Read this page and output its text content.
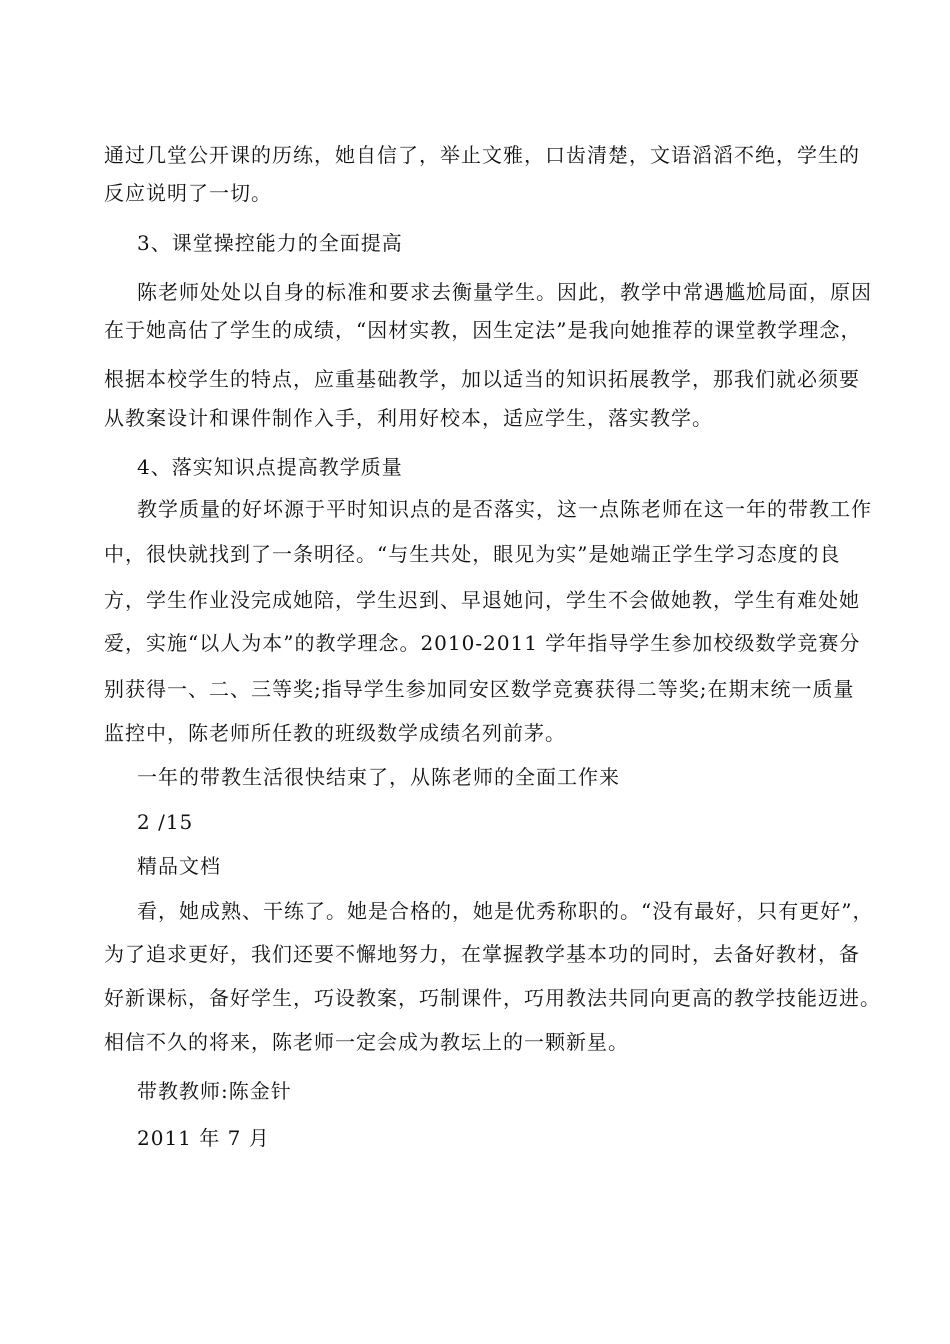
通过几堂公开课的历练，她自信了，举止文雅，口齿清楚，文语滔滔不绝，学生的
反应说明了一切。
3、课堂操控能力的全面提高
陈老师处处以自身的标准和要求去衡量学生。因此，教学中常遇尴尬局面，原因
在于她高估了学生的成绩，“因材实教，因生定法”是我向她推荐的课堂教学理念，
根据本校学生的特点，应重基础教学，加以适当的知识拓展教学，那我们就必须要
从教案设计和课件制作入手，利用好校本，适应学生，落实教学。
4、落实知识点提高教学质量
教学质量的好坏源于平时知识点的是否落实，这一点陈老师在这一年的带教工作
中，很快就找到了一条明径。“与生共处，眼见为实”是她端正学生学习态度的良
方，学生作业没完成她陪，学生迟到、早退她问，学生不会做她教，学生有难处她
爱，实施“以人为本”的教学理念。2010-2011 学年指导学生参加校级数学竞赛分
别获得一、二、三等奖;指导学生参加同安区数学竞赛获得二等奖;在期末统一质量
监控中，陈老师所任教的班级数学成绩名列前茅。
一年的带教生活很快结束了，从陈老师的全面工作来
2 /15
精品文档
看，她成熟、干练了。她是合格的，她是优秀称职的。“没有最好，只有更好”，
为了追求更好，我们还要不懈地努力，在掌握教学基本功的同时，去备好教材，备
好新课标，备好学生，巧设教案，巧制课件，巧用教法共同向更高的教学技能迈进。
相信不久的将来，陈老师一定会成为教坛上的一颗新星。
带教教师:陈金针
2011 年 7 月
